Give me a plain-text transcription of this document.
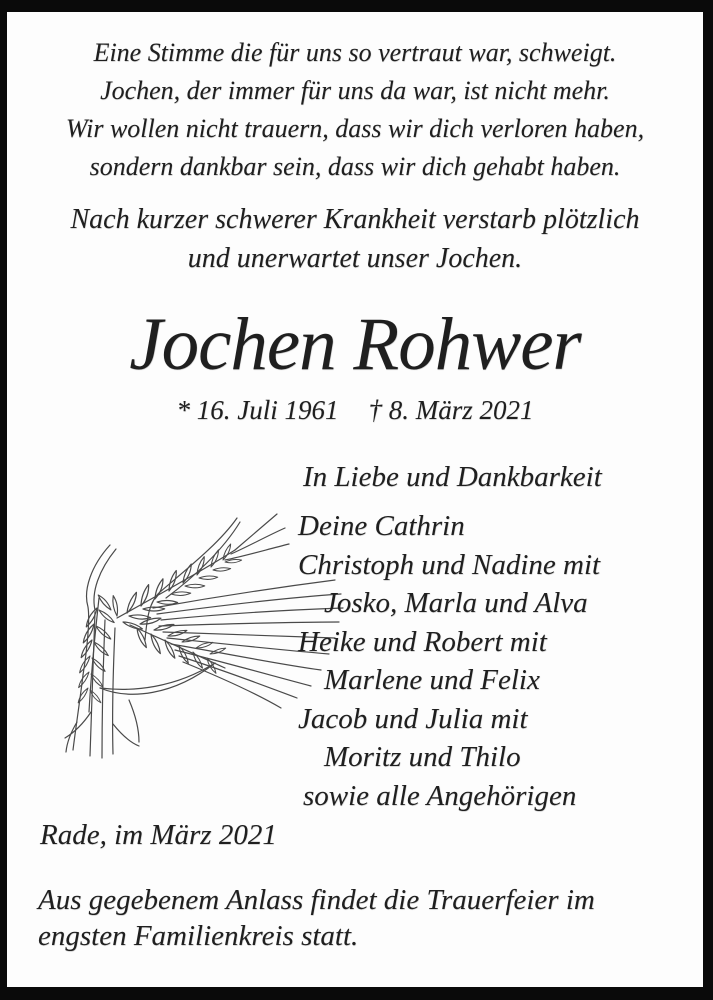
Eine Stimme die für uns so vertraut war, schweigt.
Jochen, der immer für uns da war, ist nicht mehr.
Wir wollen nicht trauern, dass wir dich verloren haben,
sondern dankbar sein, dass wir dich gehabt haben.
Nach kurzer schwerer Krankheit verstarb plötzlich
und unerwartet unser Jochen.
Jochen Rohwer
* 16. Juli 1961 † 8. März 2021
In Liebe und Dankbarkeit
Deine Cathrin
Christoph und Nadine mit
Josko, Marla und Alva
Heike und Robert mit
Marlene und Felix
Jacob und Julia mit
Moritz und Thilo
sowie alle Angehörigen
Rade, im März 2021
Aus gegebenem Anlass findet die Trauerfeier im
engsten Familienkreis statt.
